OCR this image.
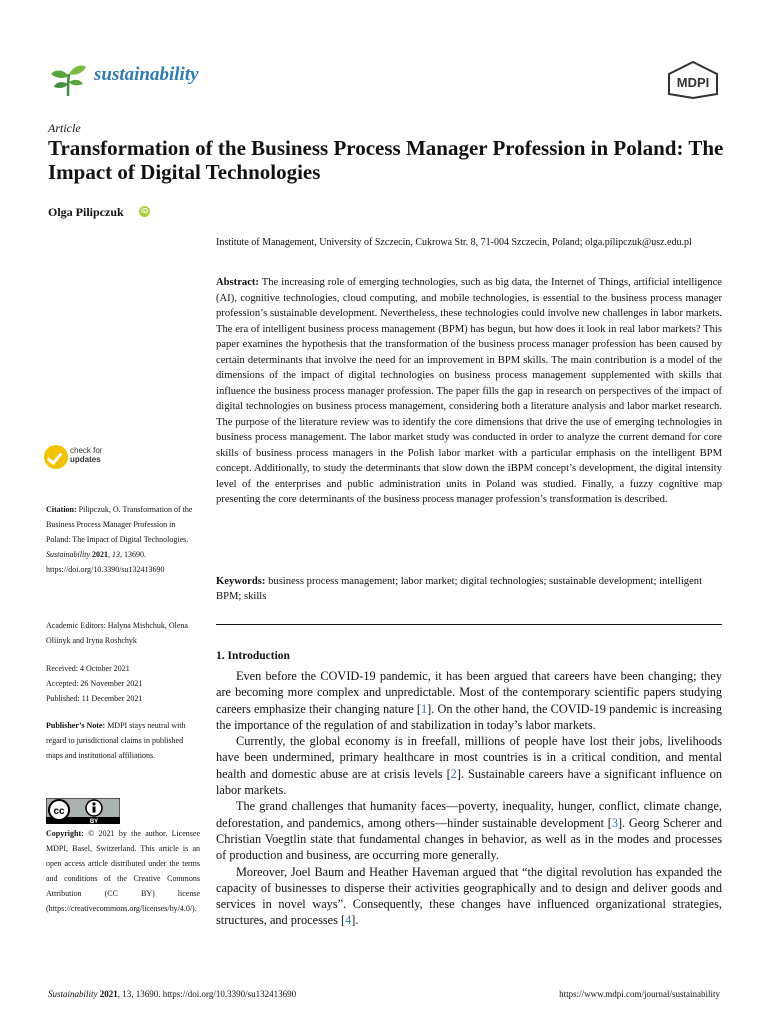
sustainability	MDPI
Article
Transformation of the Business Process Manager Profession in Poland: The Impact of Digital Technologies
Olga Pilipczuk iD
Institute of Management, University of Szczecin, Cukrowa Str. 8, 71-004 Szczecin, Poland; olga.pilipczuk@usz.edu.pl
Abstract: The increasing role of emerging technologies, such as big data, the Internet of Things, artificial intelligence (AI), cognitive technologies, cloud computing, and mobile technologies, is essential to the business process manager profession’s sustainable development. Nevertheless, these technologies could involve new challenges in labor markets. The era of intelligent business process management (BPM) has begun, but how does it look in real labor markets? This paper examines the hypothesis that the transformation of the business process manager profession has been caused by certain determinants that involve the need for an improvement in BPM skills. The main contribution is a model of the dimensions of the impact of digital technologies on business process management supplemented with skills that influence the business process manager profession. The paper fills the gap in research on perspectives of the impact of digital technologies on business process management, considering both a literature analysis and labor market research. The purpose of the literature review was to identify the core dimensions that drive the use of emerging technologies in business process management. The labor market study was conducted in order to analyze the current demand for core skills of business process managers in the Polish labor market with a particular emphasis on the intelligent BPM concept. Additionally, to study the determinants that slow down the iBPM concept’s development, the digital intensity level of the enterprises and public administration units in Poland was studied. Finally, a fuzzy cognitive map presenting the core determinants of the business process manager profession’s transformation is described.
Keywords: business process management; labor market; digital technologies; sustainable development; intelligent BPM; skills
1. Introduction

Even before the COVID-19 pandemic, it has been argued that careers have been changing; they are becoming more complex and unpredictable. Most of the contemporary scientific papers studying careers emphasize their changing nature [1]. On the other hand, the COVID-19 pandemic is increasing the importance of the regulation of and stabilization in today’s labor markets.

Currently, the global economy is in freefall, millions of people have lost their jobs, livelihoods have been undermined, primary healthcare in most countries is in a critical condition, and mental health and domestic abuse are at crisis levels [2]. Sustainable careers have a significant influence on labor markets.

The grand challenges that humanity faces—poverty, inequality, hunger, conflict, climate change, deforestation, and pandemics, among others—hinder sustainable development [3]. Georg Scherer and Christian Voegtlin state that fundamental changes in behavior, as well as in the modes and processes of production and business, are occurring more generally.

Moreover, Joel Baum and Heather Haveman argued that “the digital revolution has expanded the capacity of businesses to disperse their activities geographically and to design and deliver goods and services in novel ways”. Consequently, these changes have influenced organizational strategies, structures, and processes [4].

check for
updates
Citation: Pilipczuk, O. Transformation of the Business Process Manager Profession in Poland: The Impact of Digital Technologies. Sustainability 2021, 13, 13690. https://doi.org/10.3390/su132413690
Academic Editors: Halyna Mishchuk, Olena Oliinyk and Iryna Roshchyk
Received: 4 October 2021
Accepted: 26 November 2021
Published: 11 December 2021
Publisher’s Note: MDPI stays neutral with regard to jurisdictional claims in published maps and institutional affiliations.
cc
BY
Copyright: © 2021 by the author. Licensee MDPI, Basel, Switzerland. This article is an open access article distributed under the terms and conditions of the Creative Commons Attribution (CC BY) license (https://creativecommons.org/licenses/by/4.0/).
Sustainability 2021, 13, 13690. https://doi.org/10.3390/su132413690	https://www.mdpi.com/journal/sustainability
